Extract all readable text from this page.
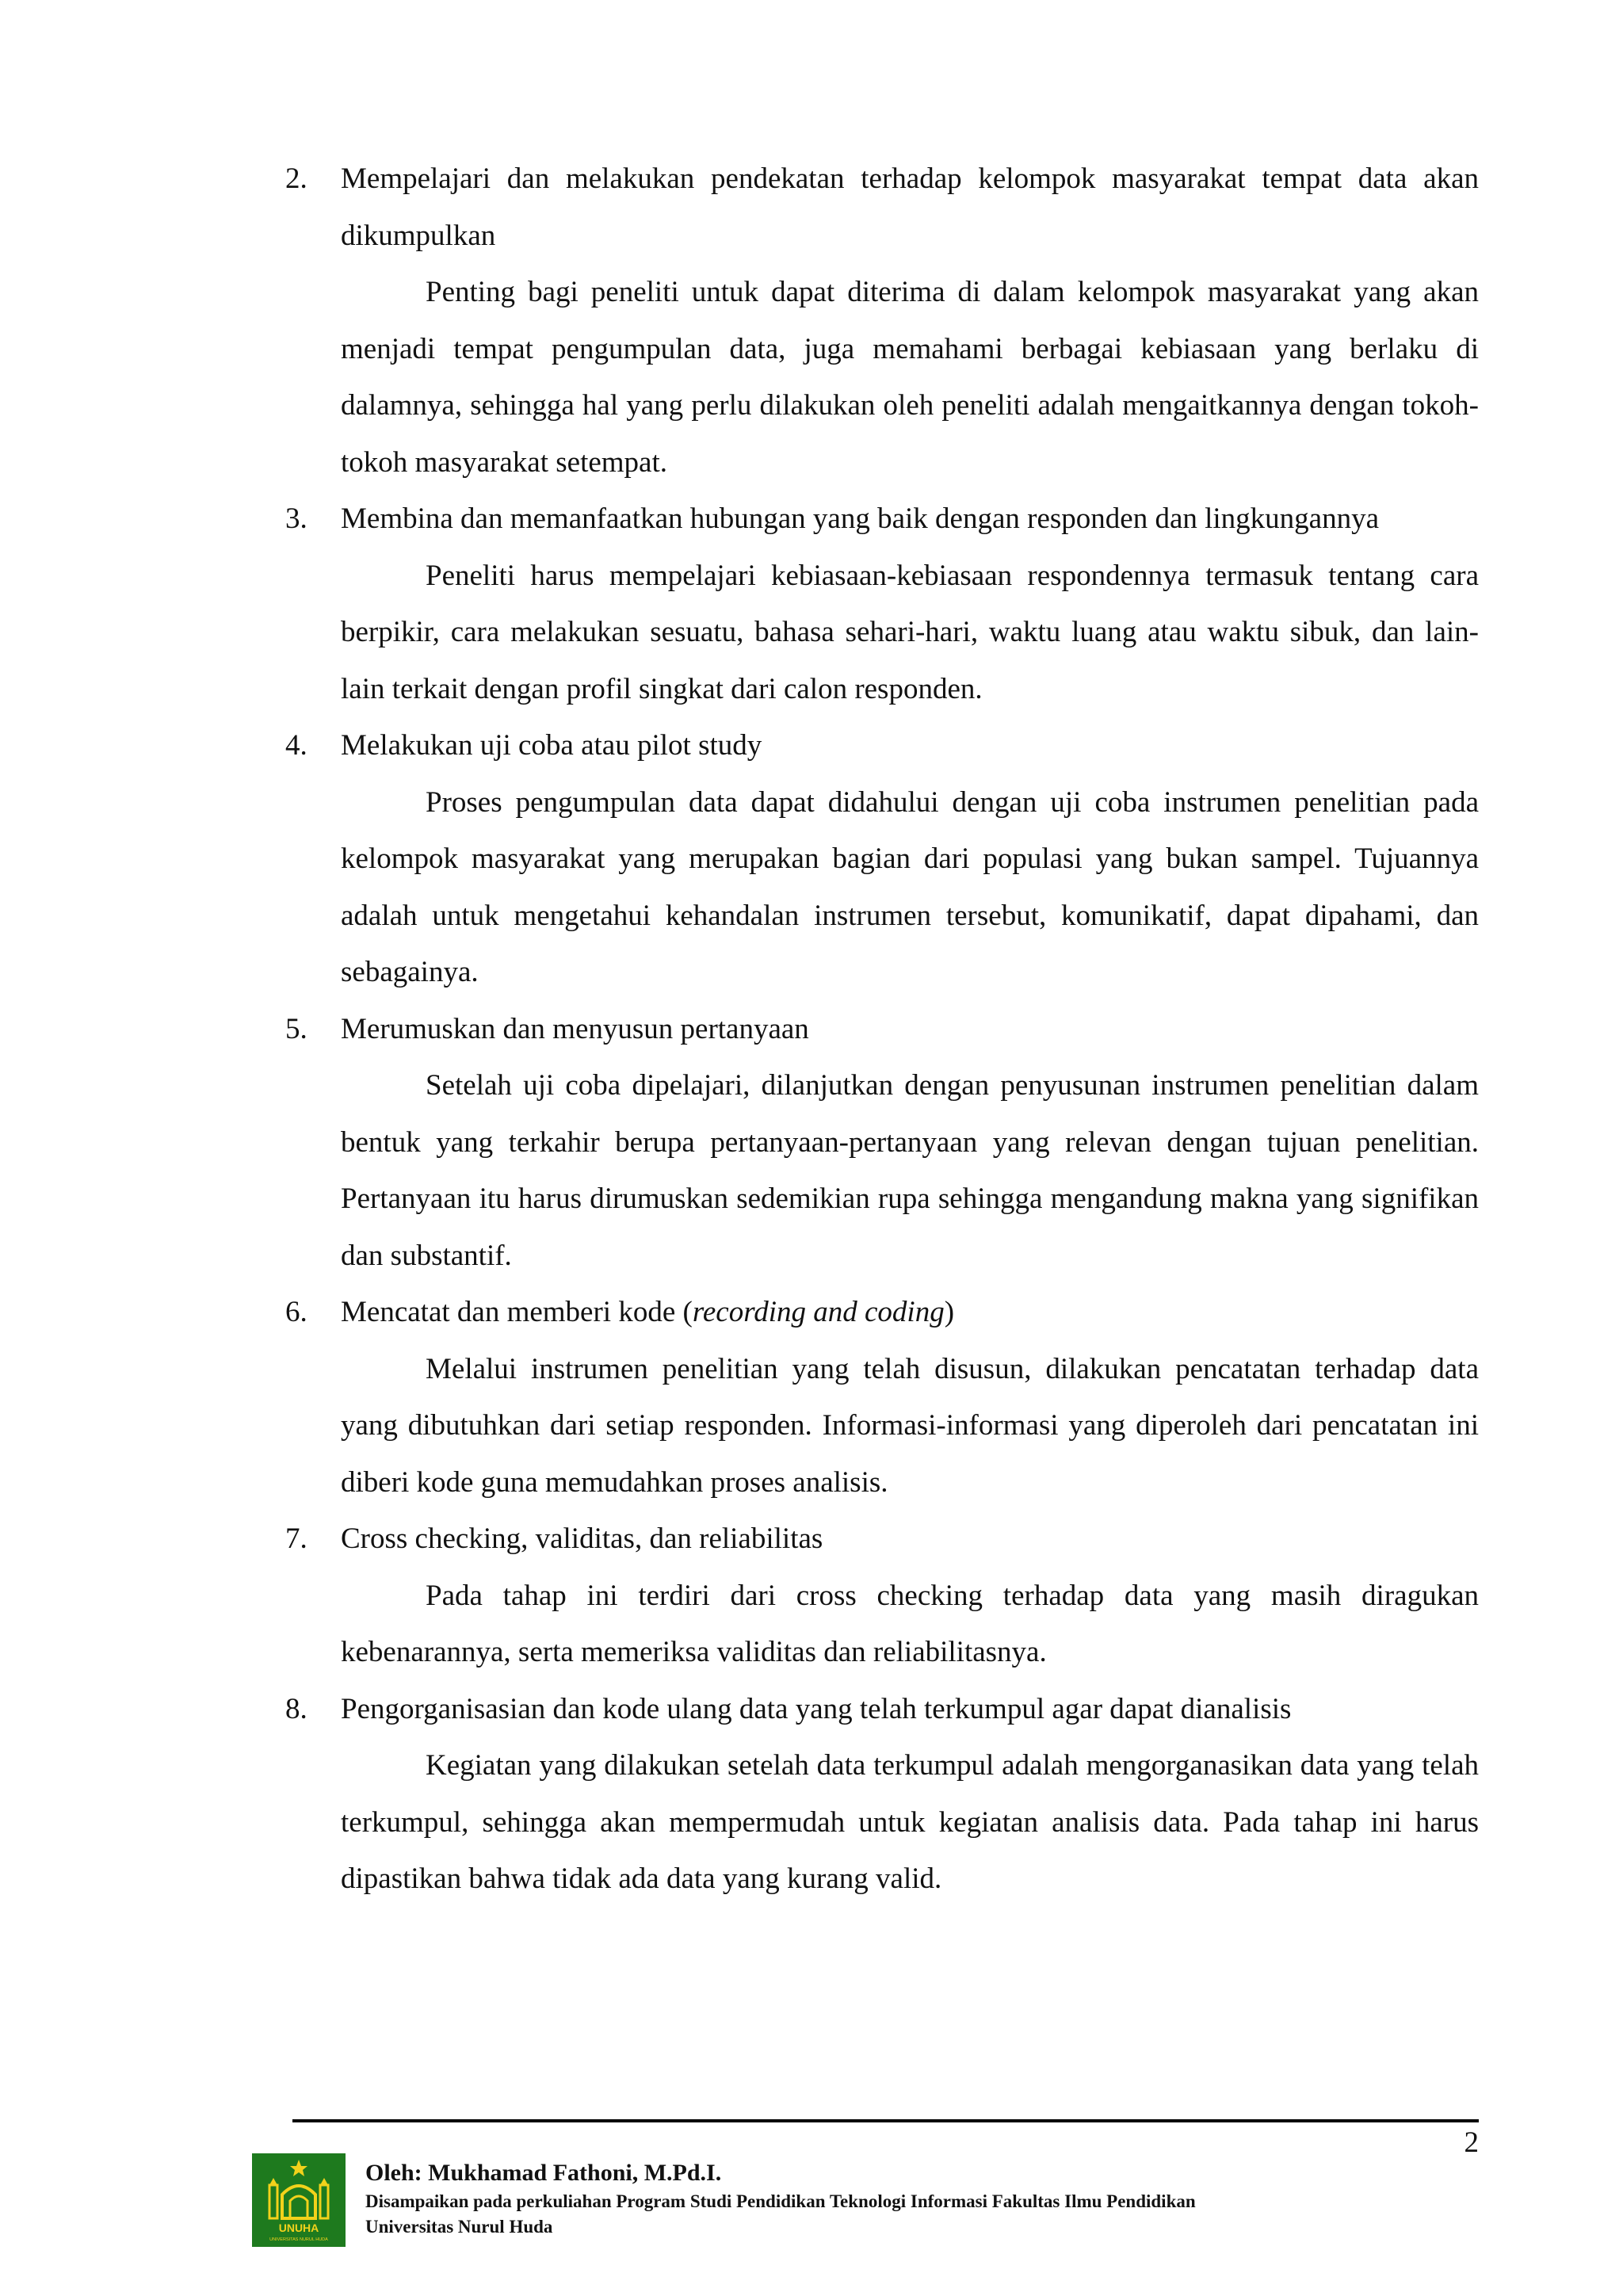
2. Mempelajari dan melakukan pendekatan terhadap kelompok masyarakat tempat data akan dikumpulkan
Penting bagi peneliti untuk dapat diterima di dalam kelompok masyarakat yang akan menjadi tempat pengumpulan data, juga memahami berbagai kebiasaan yang berlaku di dalamnya, sehingga hal yang perlu dilakukan oleh peneliti adalah mengaitkannya dengan tokoh-tokoh masyarakat setempat.
3. Membina dan memanfaatkan hubungan yang baik dengan responden dan lingkungannya
Peneliti harus mempelajari kebiasaan-kebiasaan respondennya termasuk tentang cara berpikir, cara melakukan sesuatu, bahasa sehari-hari, waktu luang atau waktu sibuk, dan lain-lain terkait dengan profil singkat dari calon responden.
4. Melakukan uji coba atau pilot study
Proses pengumpulan data dapat didahului dengan uji coba instrumen penelitian pada kelompok masyarakat yang merupakan bagian dari populasi yang bukan sampel. Tujuannya adalah untuk mengetahui kehandalan instrumen tersebut, komunikatif, dapat dipahami, dan sebagainya.
5. Merumuskan dan menyusun pertanyaan
Setelah uji coba dipelajari, dilanjutkan dengan penyusunan instrumen penelitian dalam bentuk yang terkahir berupa pertanyaan-pertanyaan yang relevan dengan tujuan penelitian. Pertanyaan itu harus dirumuskan sedemikian rupa sehingga mengandung makna yang signifikan dan substantif.
6. Mencatat dan memberi kode (recording and coding)
Melalui instrumen penelitian yang telah disusun, dilakukan pencatatan terhadap data yang dibutuhkan dari setiap responden. Informasi-informasi yang diperoleh dari pencatatan ini diberi kode guna memudahkan proses analisis.
7. Cross checking, validitas, dan reliabilitas
Pada tahap ini terdiri dari cross checking terhadap data yang masih diragukan kebenarannya, serta memeriksa validitas dan reliabilitasnya.
8. Pengorganisasian dan kode ulang data yang telah terkumpul agar dapat dianalisis
Kegiatan yang dilakukan setelah data terkumpul adalah mengorganasikan data yang telah terkumpul, sehingga akan mempermudah untuk kegiatan analisis data. Pada tahap ini harus dipastikan bahwa tidak ada data yang kurang valid.
2
UNUHA
UNIVERSITAS NURUL HUDA
Oleh: Mukhamad Fathoni, M.Pd.I.
Disampaikan pada perkuliahan Program Studi Pendidikan Teknologi Informasi Fakultas Ilmu Pendidikan
Universitas Nurul Huda
